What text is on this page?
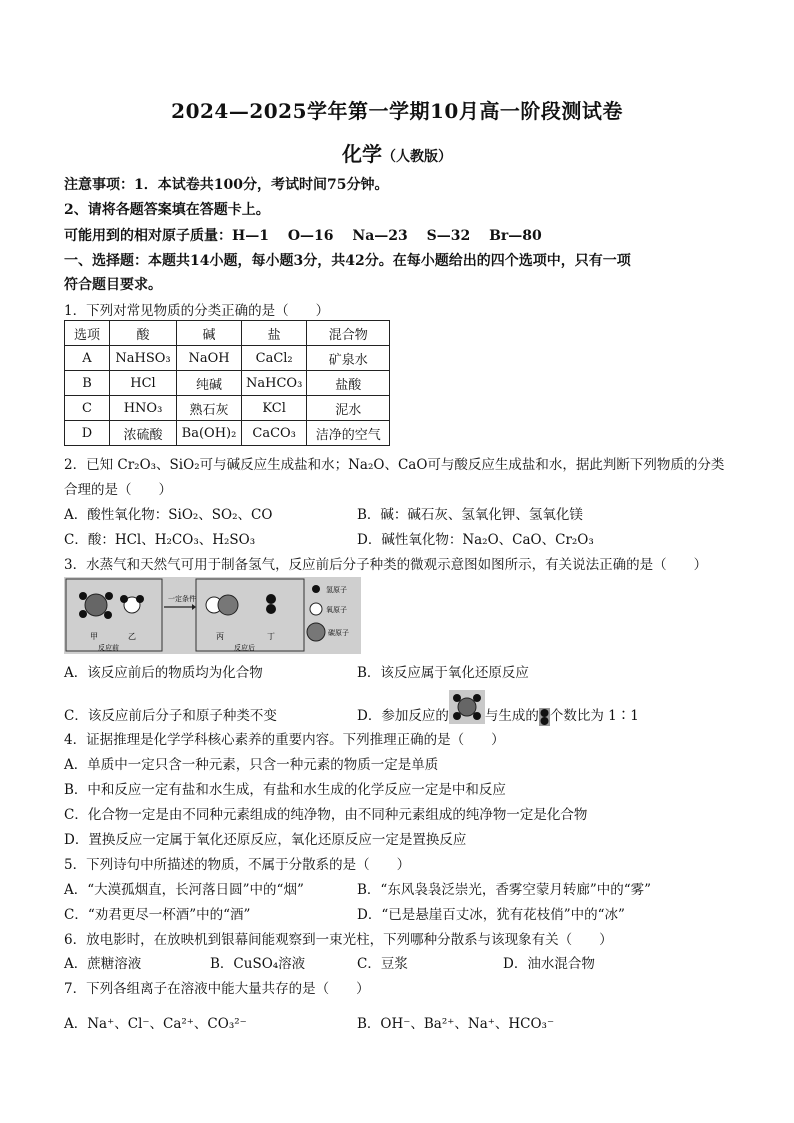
2024—2025学年第一学期10月高一阶段测试卷
化学（人教版）
注意事项：1．本试卷共100分，考试时间75分钟。
2、请将各题答案填在答题卡上。
可能用到的相对原子质量：H—1　 O—16　 Na—23　 S—32　 Br—80
一、选择题：本题共14小题，每小题3分，共42分。在每小题给出的四个选项中，只有一项
符合题目要求。
1．下列对常见物质的分类正确的是（　　）
选项	酸	碱	盐	混合物
A	NaHSO₃	NaOH	CaCl₂	矿泉水
B	HCl	纯碱	NaHCO₃	盐酸
C	HNO₃	熟石灰	KCl	泥水
D	浓硫酸	Ba(OH)₂	CaCO₃	洁净的空气
2．已知 Cr₂O₃、SiO₂可与碱反应生成盐和水；Na₂O、CaO可与酸反应生成盐和水，据此判断下列物质的分类
合理的是（　　）
A．酸性氧化物：SiO₂、SO₂、CO	B．碱：碱石灰、氢氧化钾、氢氧化镁
C．酸：HCl、H₂CO₃、H₂SO₃	D．碱性氧化物：Na₂O、CaO、Cr₂O₃
3．水蒸气和天然气可用于制备氢气，反应前后分子种类的微观示意图如图所示，有关说法正确的是（　　）
甲	乙
反应前
一定条件
丙	丁
反应后
氢原子
氧原子
碳原子
A．该反应前后的物质均为化合物	B．该反应属于氧化还原反应
C．该反应前后分子和原子种类不变	D．参加反应的	与生成的 个数比为 1∶1
4．证据推理是化学学科核心素养的重要内容。下列推理正确的是（　　）
A．单质中一定只含一种元素，只含一种元素的物质一定是单质
B．中和反应一定有盐和水生成，有盐和水生成的化学反应一定是中和反应
C．化合物一定是由不同种元素组成的纯净物，由不同种元素组成的纯净物一定是化合物
D．置换反应一定属于氧化还原反应，氧化还原反应一定是置换反应
5．下列诗句中所描述的物质，不属于分散系的是（　　）
A．“大漠孤烟直，长河落日圆”中的“烟”	B．“东风袅袅泛崇光，香雾空蒙月转廊”中的“雾”
C．“劝君更尽一杯酒”中的“酒”	D．“已是悬崖百丈冰，犹有花枝俏”中的“冰”
6．放电影时，在放映机到银幕间能观察到一束光柱，下列哪种分散系与该现象有关（　　）
A．蔗糖溶液	B．CuSO₄溶液	C．豆浆	D．油水混合物
7．下列各组离子在溶液中能大量共存的是（　　）
A．Na⁺、Cl⁻、Ca²⁺、CO₃²⁻	B．OH⁻、Ba²⁺、Na⁺、HCO₃⁻
